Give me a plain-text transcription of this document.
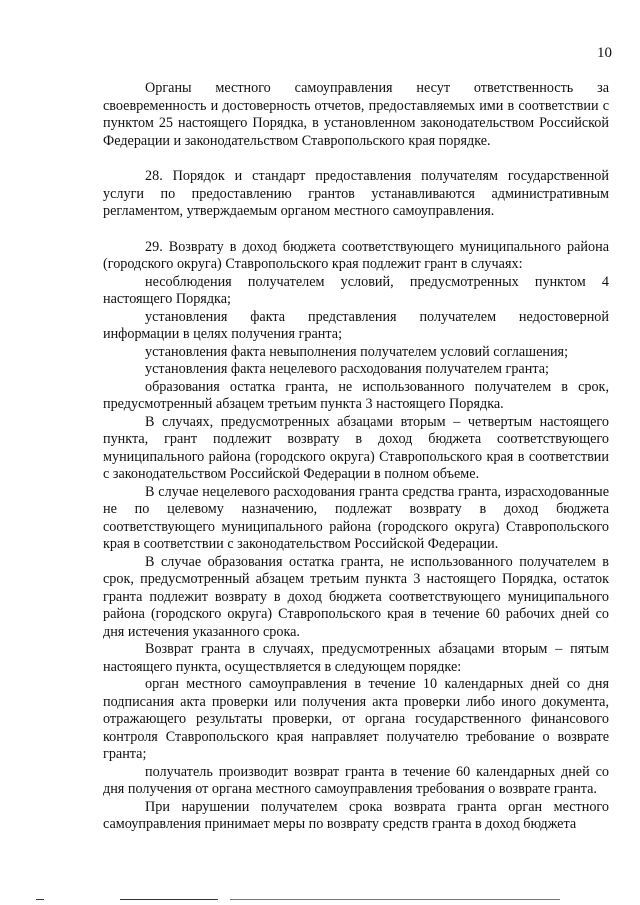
10

Органы местного самоуправления несут ответственность за своевременность и достоверность отчетов, предоставляемых ими в соответствии с пунктом 25 настоящего Порядка, в установленном законодательством Российской Федерации и законодательством Ставропольского края порядке.

28. Порядок и стандарт предоставления получателям государственной услуги по предоставлению грантов устанавливаются административным регламентом, утверждаемым органом местного самоуправления.

29. Возврату в доход бюджета соответствующего муниципального района (городского округа) Ставропольского края подлежит грант в случаях:

несоблюдения получателем условий, предусмотренных пунктом 4 настоящего Порядка;

установления факта представления получателем недостоверной информации в целях получения гранта;

установления факта невыполнения получателем условий соглашения;

установления факта нецелевого расходования получателем гранта;

образования остатка гранта, не использованного получателем в срок, предусмотренный абзацем третьим пункта 3 настоящего Порядка.

В случаях, предусмотренных абзацами вторым – четвертым настоящего пункта, грант подлежит возврату в доход бюджета соответствующего муниципального района (городского округа) Ставропольского края в соответствии с законодательством Российской Федерации в полном объеме.

В случае нецелевого расходования гранта средства гранта, израсходованные не по целевому назначению, подлежат возврату в доход бюджета соответствующего муниципального района (городского округа) Ставропольского края в соответствии с законодательством Российской Федерации.

В случае образования остатка гранта, не использованного получателем в срок, предусмотренный абзацем третьим пункта 3 настоящего Порядка, остаток гранта подлежит возврату в доход бюджета соответствующего муниципального района (городского округа) Ставропольского края в течение 60 рабочих дней со дня истечения указанного срока.

Возврат гранта в случаях, предусмотренных абзацами вторым – пятым настоящего пункта, осуществляется в следующем порядке:

орган местного самоуправления в течение 10 календарных дней со дня подписания акта проверки или получения акта проверки либо иного документа, отражающего результаты проверки, от органа государственного финансового контроля Ставропольского края направляет получателю требование о возврате гранта;

получатель производит возврат гранта в течение 60 календарных дней со дня получения от органа местного самоуправления требования о возврате гранта.

При нарушении получателем срока возврата гранта орган местного самоуправления принимает меры по возврату средств гранта в доход бюджета
